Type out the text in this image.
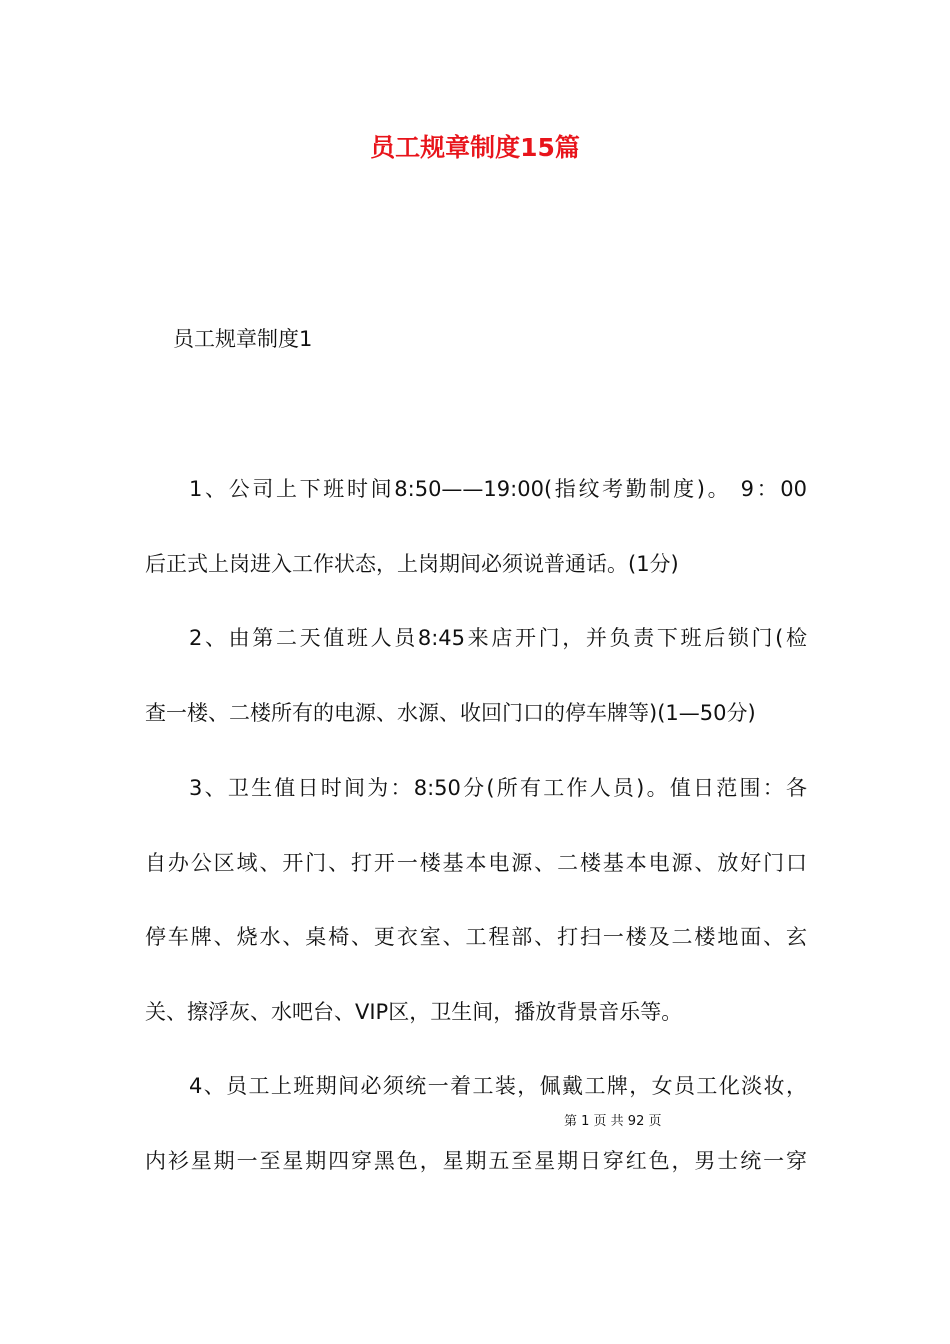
员工规章制度15篇
员工规章制度1

1、公司上下班时间8:50——19:00(指纹考勤制度)。 9：00

后正式上岗进入工作状态，上岗期间必须说普通话。(1分)

2、由第二天值班人员8:45来店开门，并负责下班后锁门(检

查一楼、二楼所有的电源、水源、收回门口的停车牌等)(1—50分)

3、卫生值日时间为：8:50分(所有工作人员)。值日范围：各

自办公区域、开门、打开一楼基本电源、二楼基本电源、放好门口

停车牌、烧水、桌椅、更衣室、工程部、打扫一楼及二楼地面、玄

关、擦浮灰、水吧台、VIP区，卫生间，播放背景音乐等。

4、员工上班期间必须统一着工装，佩戴工牌，女员工化淡妆，

第 1 页 共 92 页

内衫星期一至星期四穿黑色，星期五至星期日穿红色，男士统一穿
